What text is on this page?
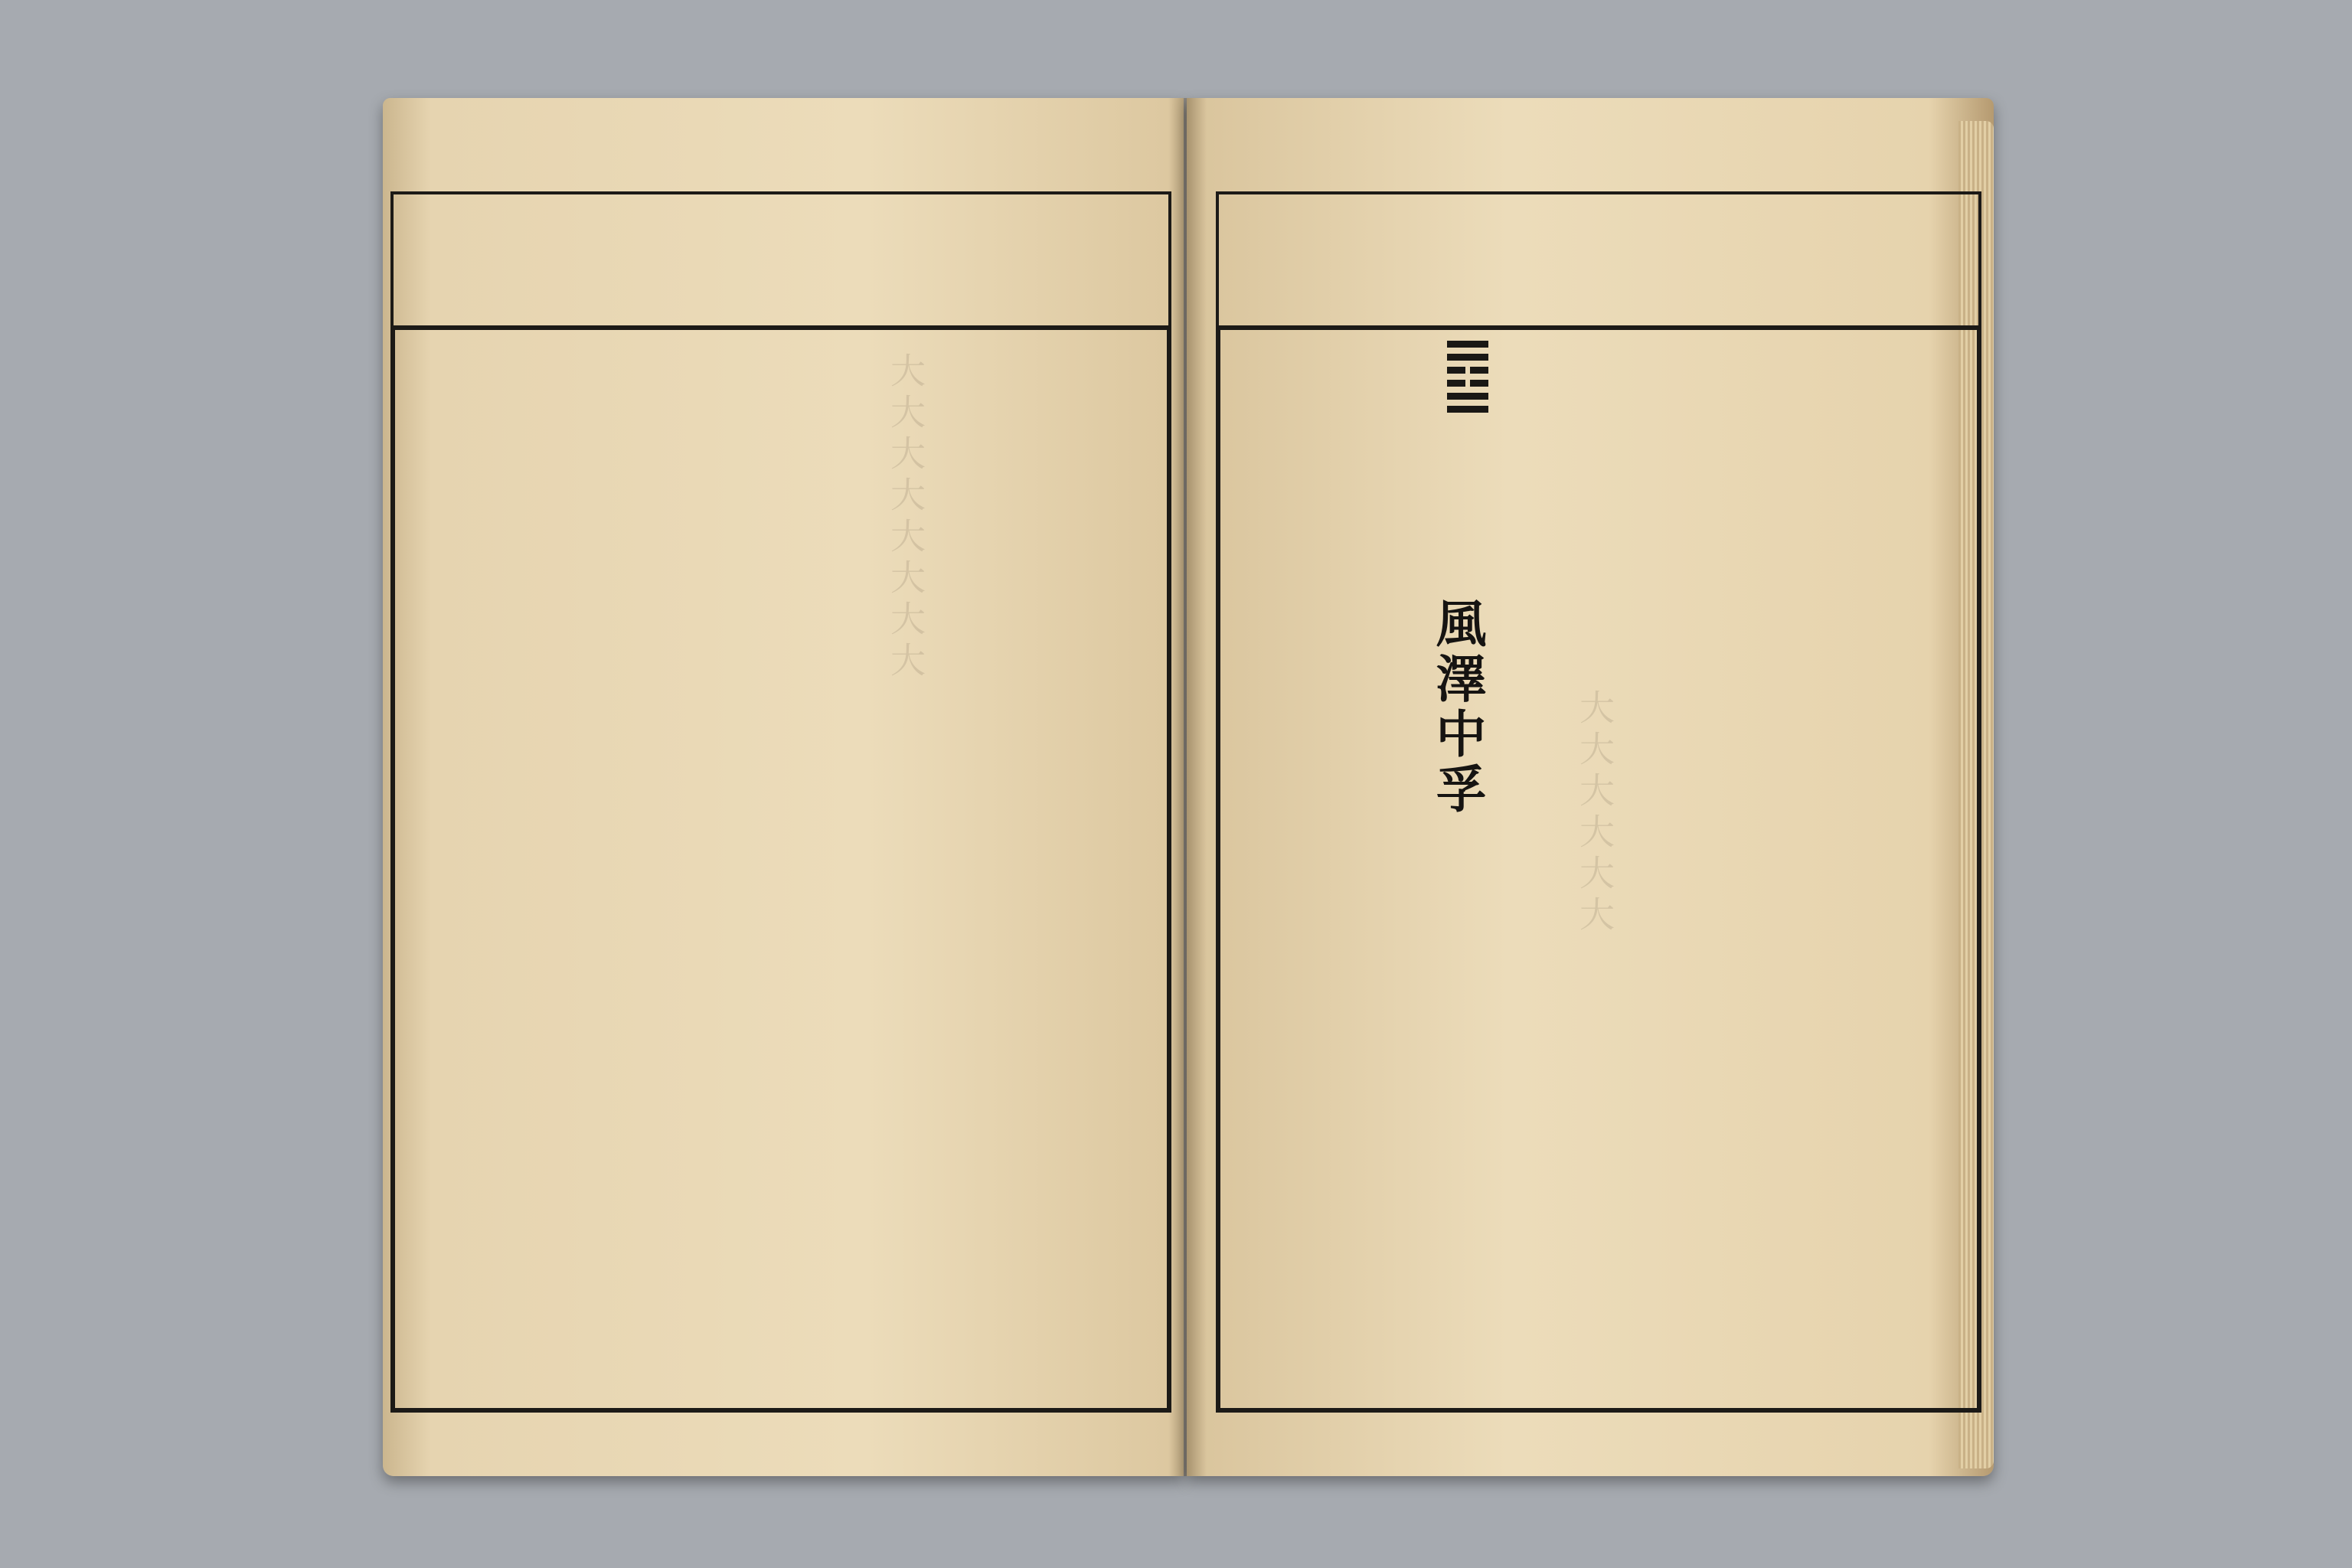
大大大大大大大大
大大大大大大
風澤中孚
